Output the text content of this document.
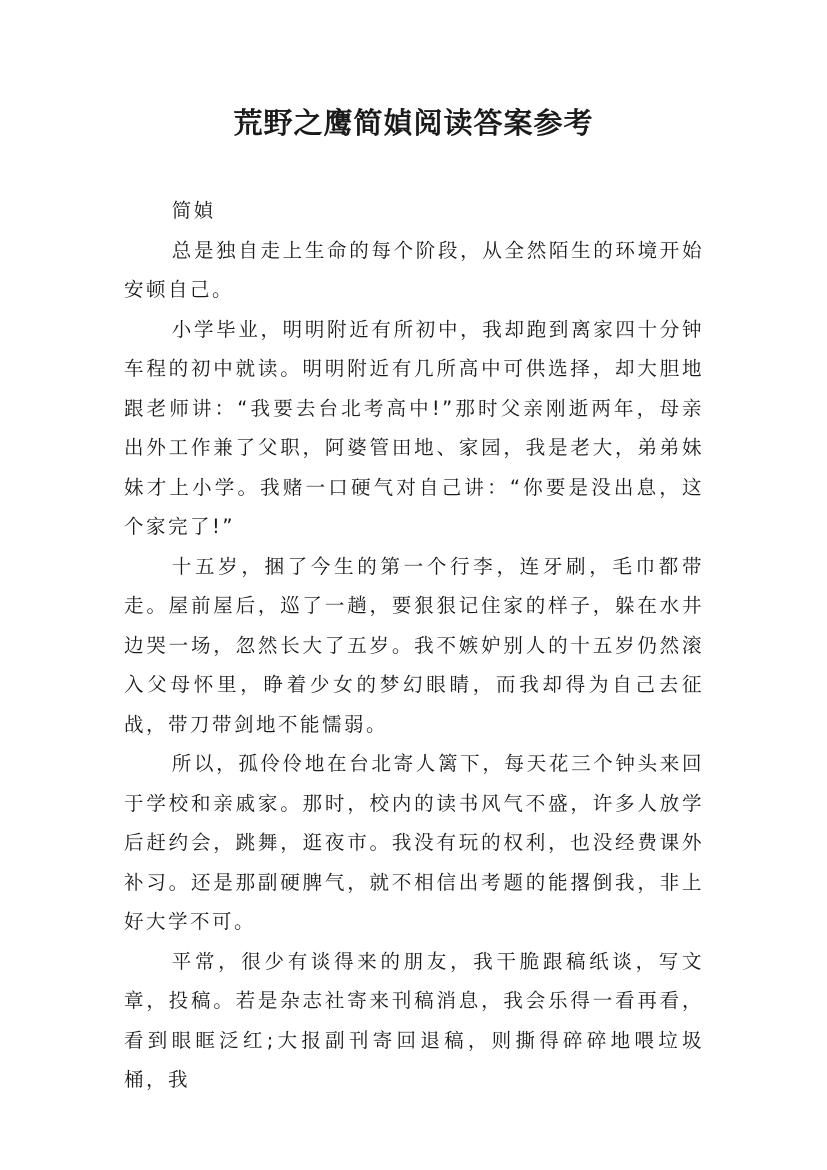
荒野之鹰简媜阅读答案参考

简媜

总是独自走上生命的每个阶段，从全然陌生的环境开始安顿自己。

小学毕业，明明附近有所初中，我却跑到离家四十分钟车程的初中就读。明明附近有几所高中可供选择，却大胆地跟老师讲：“我要去台北考高中!”那时父亲刚逝两年，母亲出外工作兼了父职，阿婆管田地、家园，我是老大，弟弟妹妹才上小学。我赌一口硬气对自己讲：“你要是没出息，这个家完了!”

十五岁，捆了今生的第一个行李，连牙刷，毛巾都带走。屋前屋后，巡了一趟，要狠狠记住家的样子，躲在水井边哭一场，忽然长大了五岁。我不嫉妒别人的十五岁仍然滚入父母怀里，睁着少女的梦幻眼睛，而我却得为自己去征战，带刀带剑地不能懦弱。

所以，孤伶伶地在台北寄人篱下，每天花三个钟头来回于学校和亲戚家。那时，校内的读书风气不盛，许多人放学后赶约会，跳舞，逛夜市。我没有玩的权利，也没经费课外补习。还是那副硬脾气，就不相信出考题的能撂倒我，非上好大学不可。

平常，很少有谈得来的朋友，我干脆跟稿纸谈，写文章，投稿。若是杂志社寄来刊稿消息，我会乐得一看再看，看到眼眶泛红;大报副刊寄回退稿，则撕得碎碎地喂垃圾桶，我
